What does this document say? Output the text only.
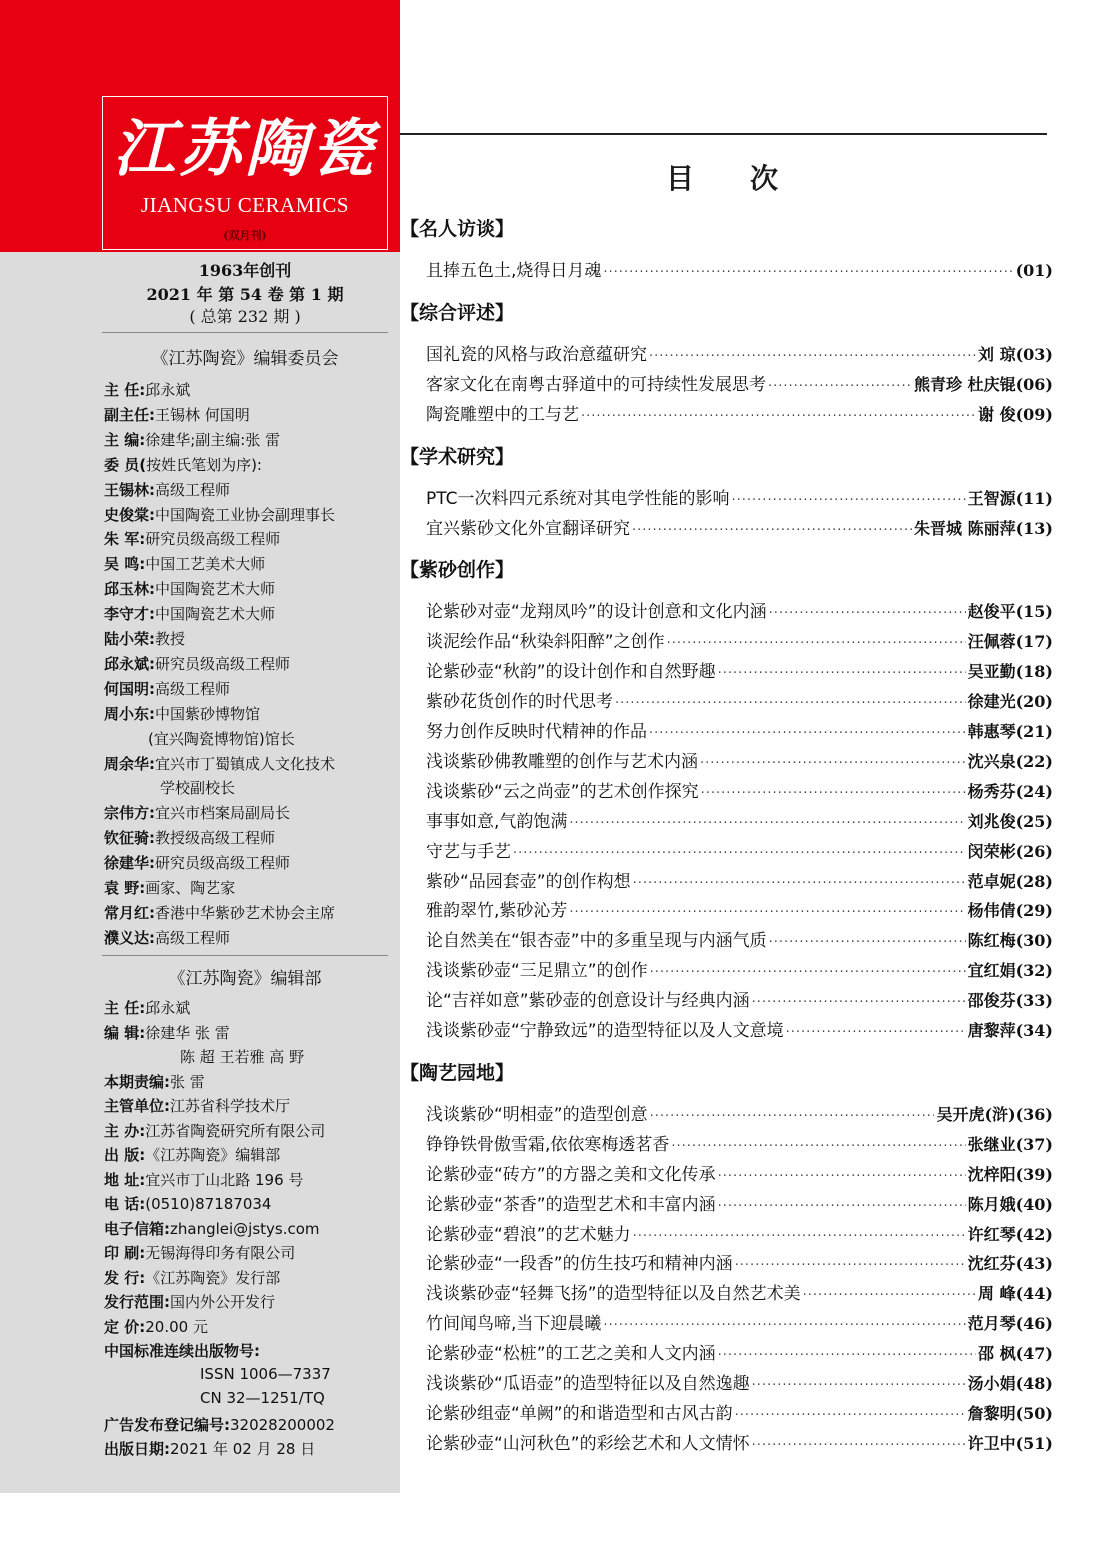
江苏陶瓷
JIANGSU CERAMICS
(双月刊)
1963年创刊
2021 年 第 54 卷 第 1 期
( 总第 232 期 )
《江苏陶瓷》编辑委员会
主 任:邱永斌
副主任:王锡林 何国明
主 编:徐建华;副主编:张 雷
委 员(按姓氏笔划为序):
王锡林:高级工程师
史俊棠:中国陶瓷工业协会副理事长
朱 军:研究员级高级工程师
吴 鸣:中国工艺美术大师
邱玉林:中国陶瓷艺术大师
李守才:中国陶瓷艺术大师
陆小荣:教授
邱永斌:研究员级高级工程师
何国明:高级工程师
周小东:中国紫砂博物馆
(宜兴陶瓷博物馆)馆长
周余华:宜兴市丁蜀镇成人文化技术
学校副校长
宗伟方:宜兴市档案局副局长
钦征骑:教授级高级工程师
徐建华:研究员级高级工程师
袁 野:画家、陶艺家
常月红:香港中华紫砂艺术协会主席
濮义达:高级工程师
《江苏陶瓷》编辑部
主 任:邱永斌
编 辑:徐建华 张 雷
陈 超 王若雅 高 野
本期责编:张 雷
主管单位:江苏省科学技术厅
主 办:江苏省陶瓷研究所有限公司
出 版:《江苏陶瓷》编辑部
地 址:宜兴市丁山北路 196 号
电 话:(0510)87187034
电子信箱:zhanglei@jstys.com
印 刷:无锡海得印务有限公司
发 行:《江苏陶瓷》发行部
发行范围:国内外公开发行
定 价:20.00 元
中国标准连续出版物号:
ISSN 1006—7337
CN 32—1251/TQ
广告发布登记编号:32028200002
出版日期:2021 年 02 月 28 日
目次
【名人访谈】
且捧五色土,烧得日月魂 ·····	(01)
【综合评述】
国礼瓷的风格与政治意蕴研究 ·····	刘 琼(03)
客家文化在南粤古驿道中的可持续性发展思考 ·····	熊青珍 杜庆锟(06)
陶瓷雕塑中的工与艺 ·····	谢 俊(09)
【学术研究】
PTC一次料四元系统对其电学性能的影响 ·····	王智源(11)
宜兴紫砂文化外宣翻译研究 ·····	朱晋城 陈丽萍(13)
【紫砂创作】
论紫砂对壶“龙翔凤吟”的设计创意和文化内涵 ·····	赵俊平(15)
谈泥绘作品“秋染斜阳醉”之创作 ·····	汪佩蓉(17)
论紫砂壶“秋韵”的设计创作和自然野趣 ·····	吴亚勤(18)
紫砂花货创作的时代思考 ·····	徐建光(20)
努力创作反映时代精神的作品 ·····	韩惠琴(21)
浅谈紫砂佛教雕塑的创作与艺术内涵 ·····	沈兴泉(22)
浅谈紫砂“云之尚壶”的艺术创作探究 ·····	杨秀芬(24)
事事如意,气韵饱满 ·····	刘兆俊(25)
守艺与手艺 ·····	闵荣彬(26)
紫砂“品园套壶”的创作构想 ·····	范卓妮(28)
雅韵翠竹,紫砂沁芳 ·····	杨伟倩(29)
论自然美在“银杏壶”中的多重呈现与内涵气质 ·····	陈红梅(30)
浅谈紫砂壶“三足鼎立”的创作 ·····	宜红娟(32)
论“吉祥如意”紫砂壶的创意设计与经典内涵 ·····	邵俊芬(33)
浅谈紫砂壶“宁静致远”的造型特征以及人文意境 ·····	唐黎萍(34)
【陶艺园地】
浅谈紫砂“明相壶”的造型创意 ·····	吴开虎(浒)(36)
铮铮铁骨傲雪霜,依依寒梅透茗香 ·····	张继业(37)
论紫砂壶“砖方”的方器之美和文化传承 ·····	沈梓阳(39)
论紫砂壶“茶香”的造型艺术和丰富内涵 ·····	陈月娥(40)
论紫砂壶“碧浪”的艺术魅力 ·····	许红琴(42)
论紫砂壶“一段香”的仿生技巧和精神内涵 ·····	沈红芬(43)
浅谈紫砂壶“轻舞飞扬”的造型特征以及自然艺术美 ·····	周 峰(44)
竹间闻鸟啼,当下迎晨曦 ·····	范月琴(46)
论紫砂壶“松桩”的工艺之美和人文内涵 ·····	邵 枫(47)
浅谈紫砂“瓜语壶”的造型特征以及自然逸趣 ·····	汤小娟(48)
论紫砂组壶“单阙”的和谐造型和古风古韵 ·····	詹黎明(50)
论紫砂壶“山河秋色”的彩绘艺术和人文情怀 ·····	许卫中(51)
